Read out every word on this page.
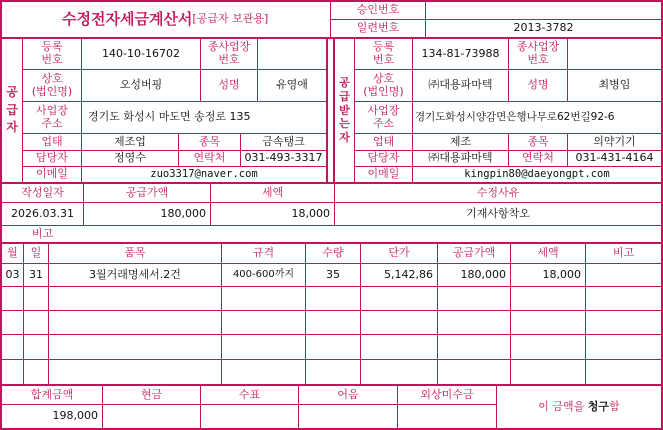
수정전자세금계산서 [공급자 보관용]
승인번호
일련번호	2013-3782
공
급
자
등록
번호	140-10-16702	종사업장
번호
상호
(법인명)	오성버핑	성명	유영애
사업장
주소	경기도 화성시 마도면 송정로 135
업태	제조업	종목	금속탱크
담당자	정영수	연락처	031-493-3317
이메일	zuo3317@naver.com
공
급
받
는
자
등록
번호	134-81-73988	종사업장
번호
상호
(법인명)	㈜대용파마텍	성명	최병임
사업장
주소	경기도화성시양감면은행나무로62번길92-6
업태	제조	종목	의약기기
담당자	㈜대용파마텍	연락처	031-431-4164
이메일	kingpin80@daeyongpt.com
작성일자	공급가액	세액	수정사유
2026.03.31	180,000	18,000	기재사항착오
비고
월	일	품목	규격	수량	단가	공급가액	세액	비고
03 31	3월거래명세서.2건	400-600까지	35	5,142,86	180,000	18,000
합계금액	현금	수표	어음	외상미수금
198,000
이 금액을 청구 함
